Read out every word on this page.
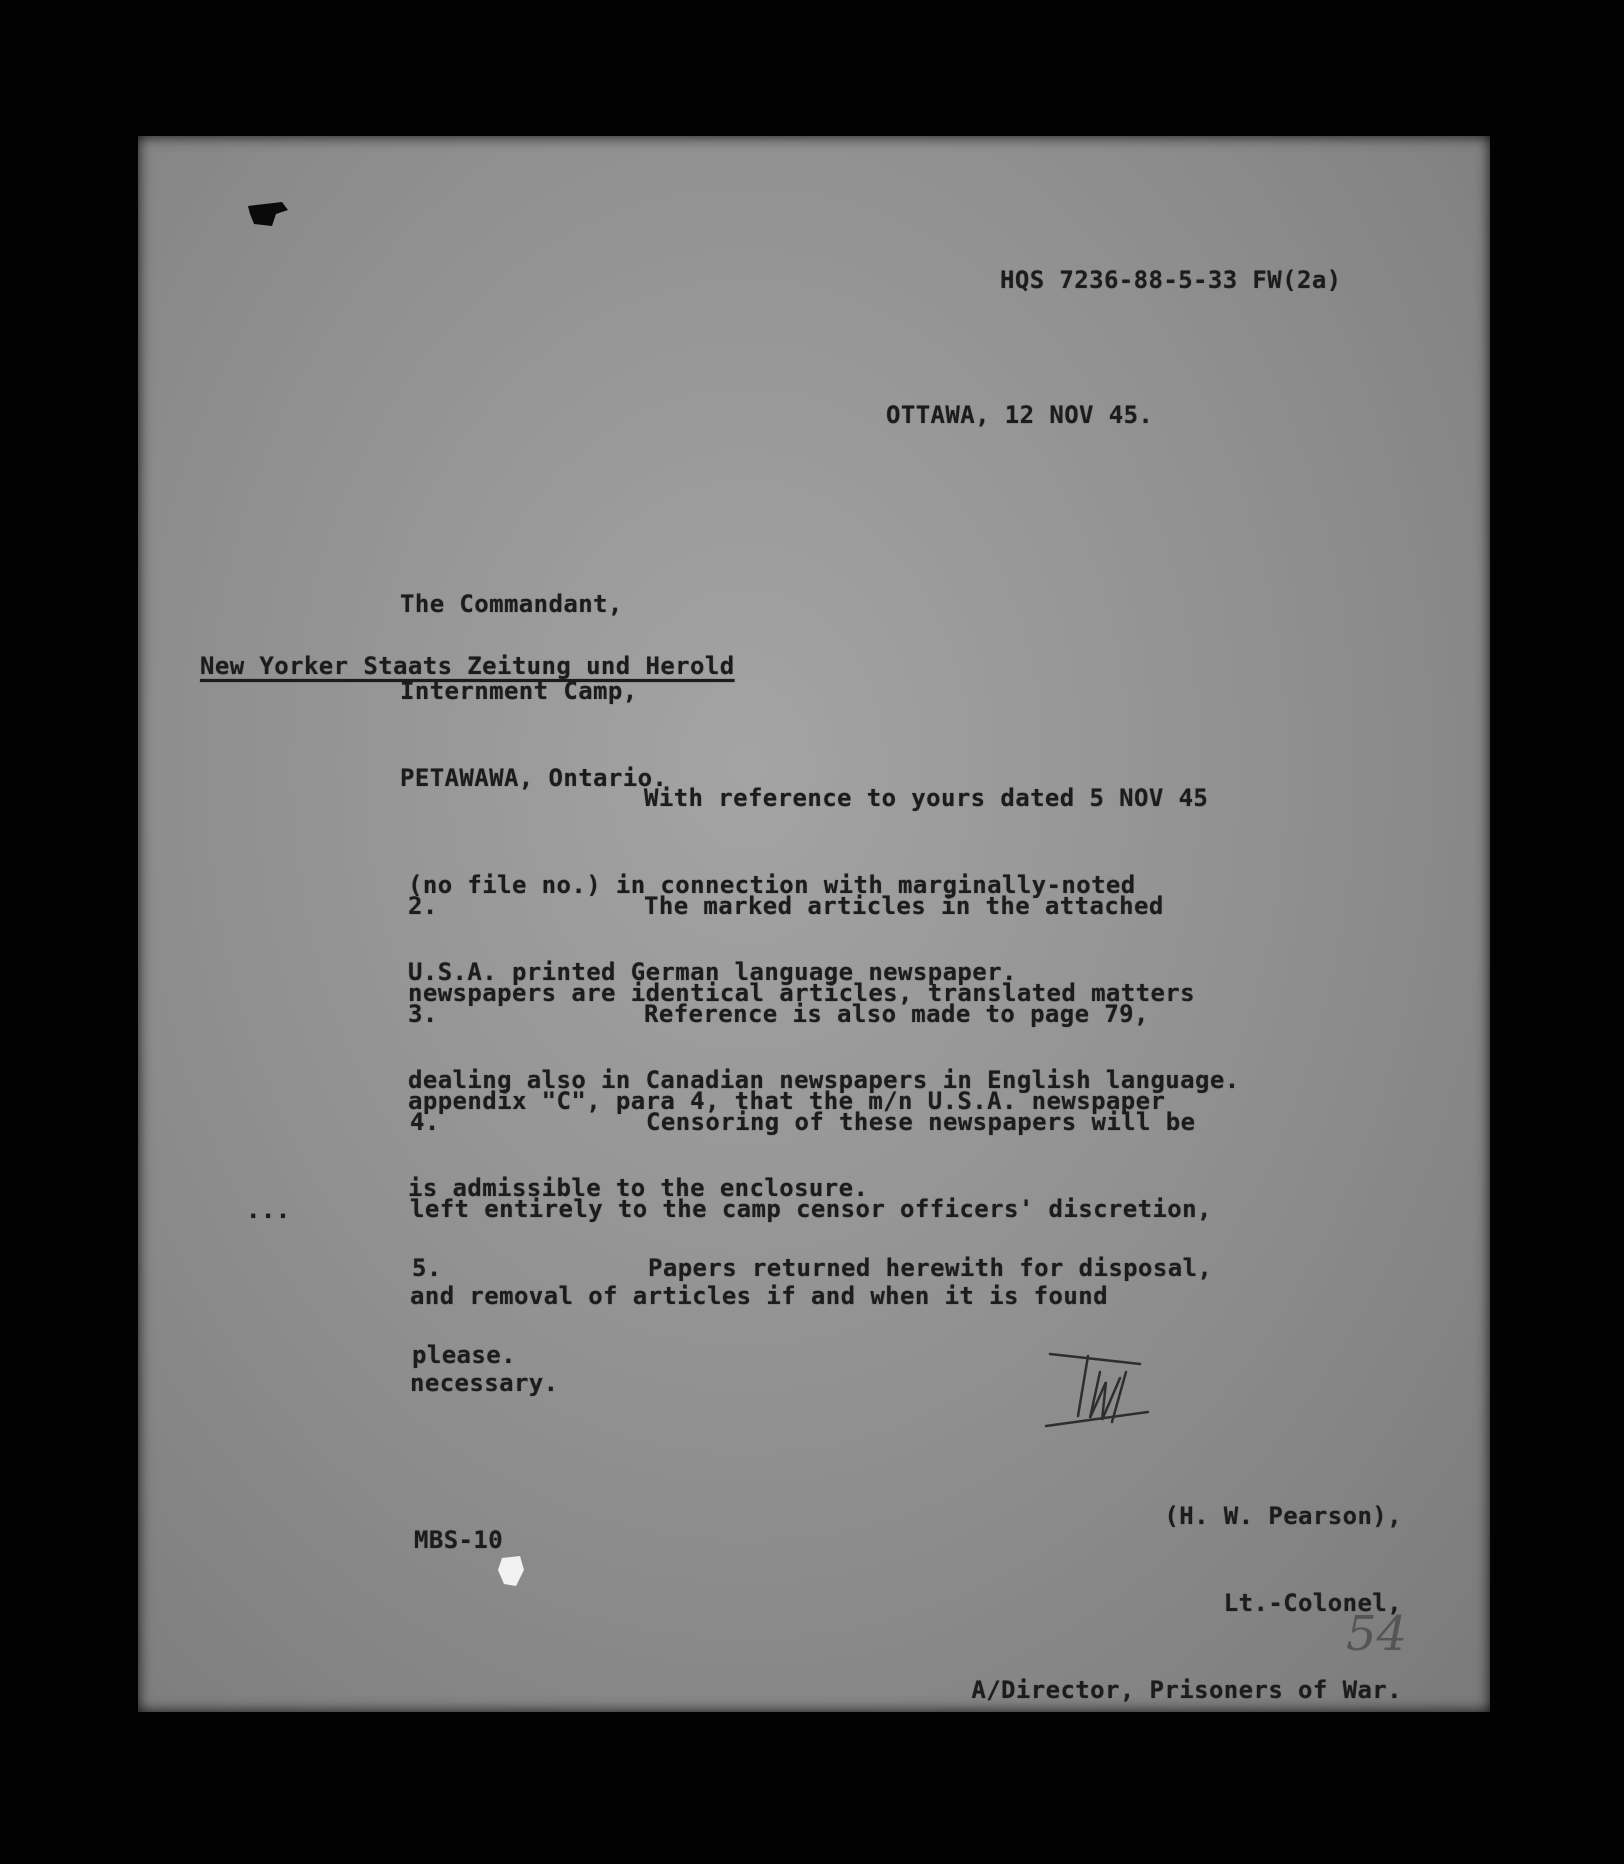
HQS 7236-88-5-33 FW(2a)
OTTAWA, 12 NOV 45.

The Commandant,

Internment Camp,

PETAWAWA, Ontario.

New Yorker Staats Zeitung und Herold

With reference to yours dated 5 NOV 45

(no file no.) in connection with marginally-noted

U.S.A. printed German language newspaper.

2.	The marked articles in the attached

newspapers are identical articles, translated matters

dealing also in Canadian newspapers in English language.

3.	Reference is also made to page 79,

appendix "C", para 4, that the m/n U.S.A. newspaper

is admissible to the enclosure.

4.	Censoring of these newspapers will be

left entirely to the camp censor officers' discretion,

and removal of articles if and when it is found

necessary.

...

5.	Papers returned herewith for disposal,

please.

(H. W. Pearson),

Lt.-Colonel,

A/Director, Prisoners of War.

MBS-10
54
